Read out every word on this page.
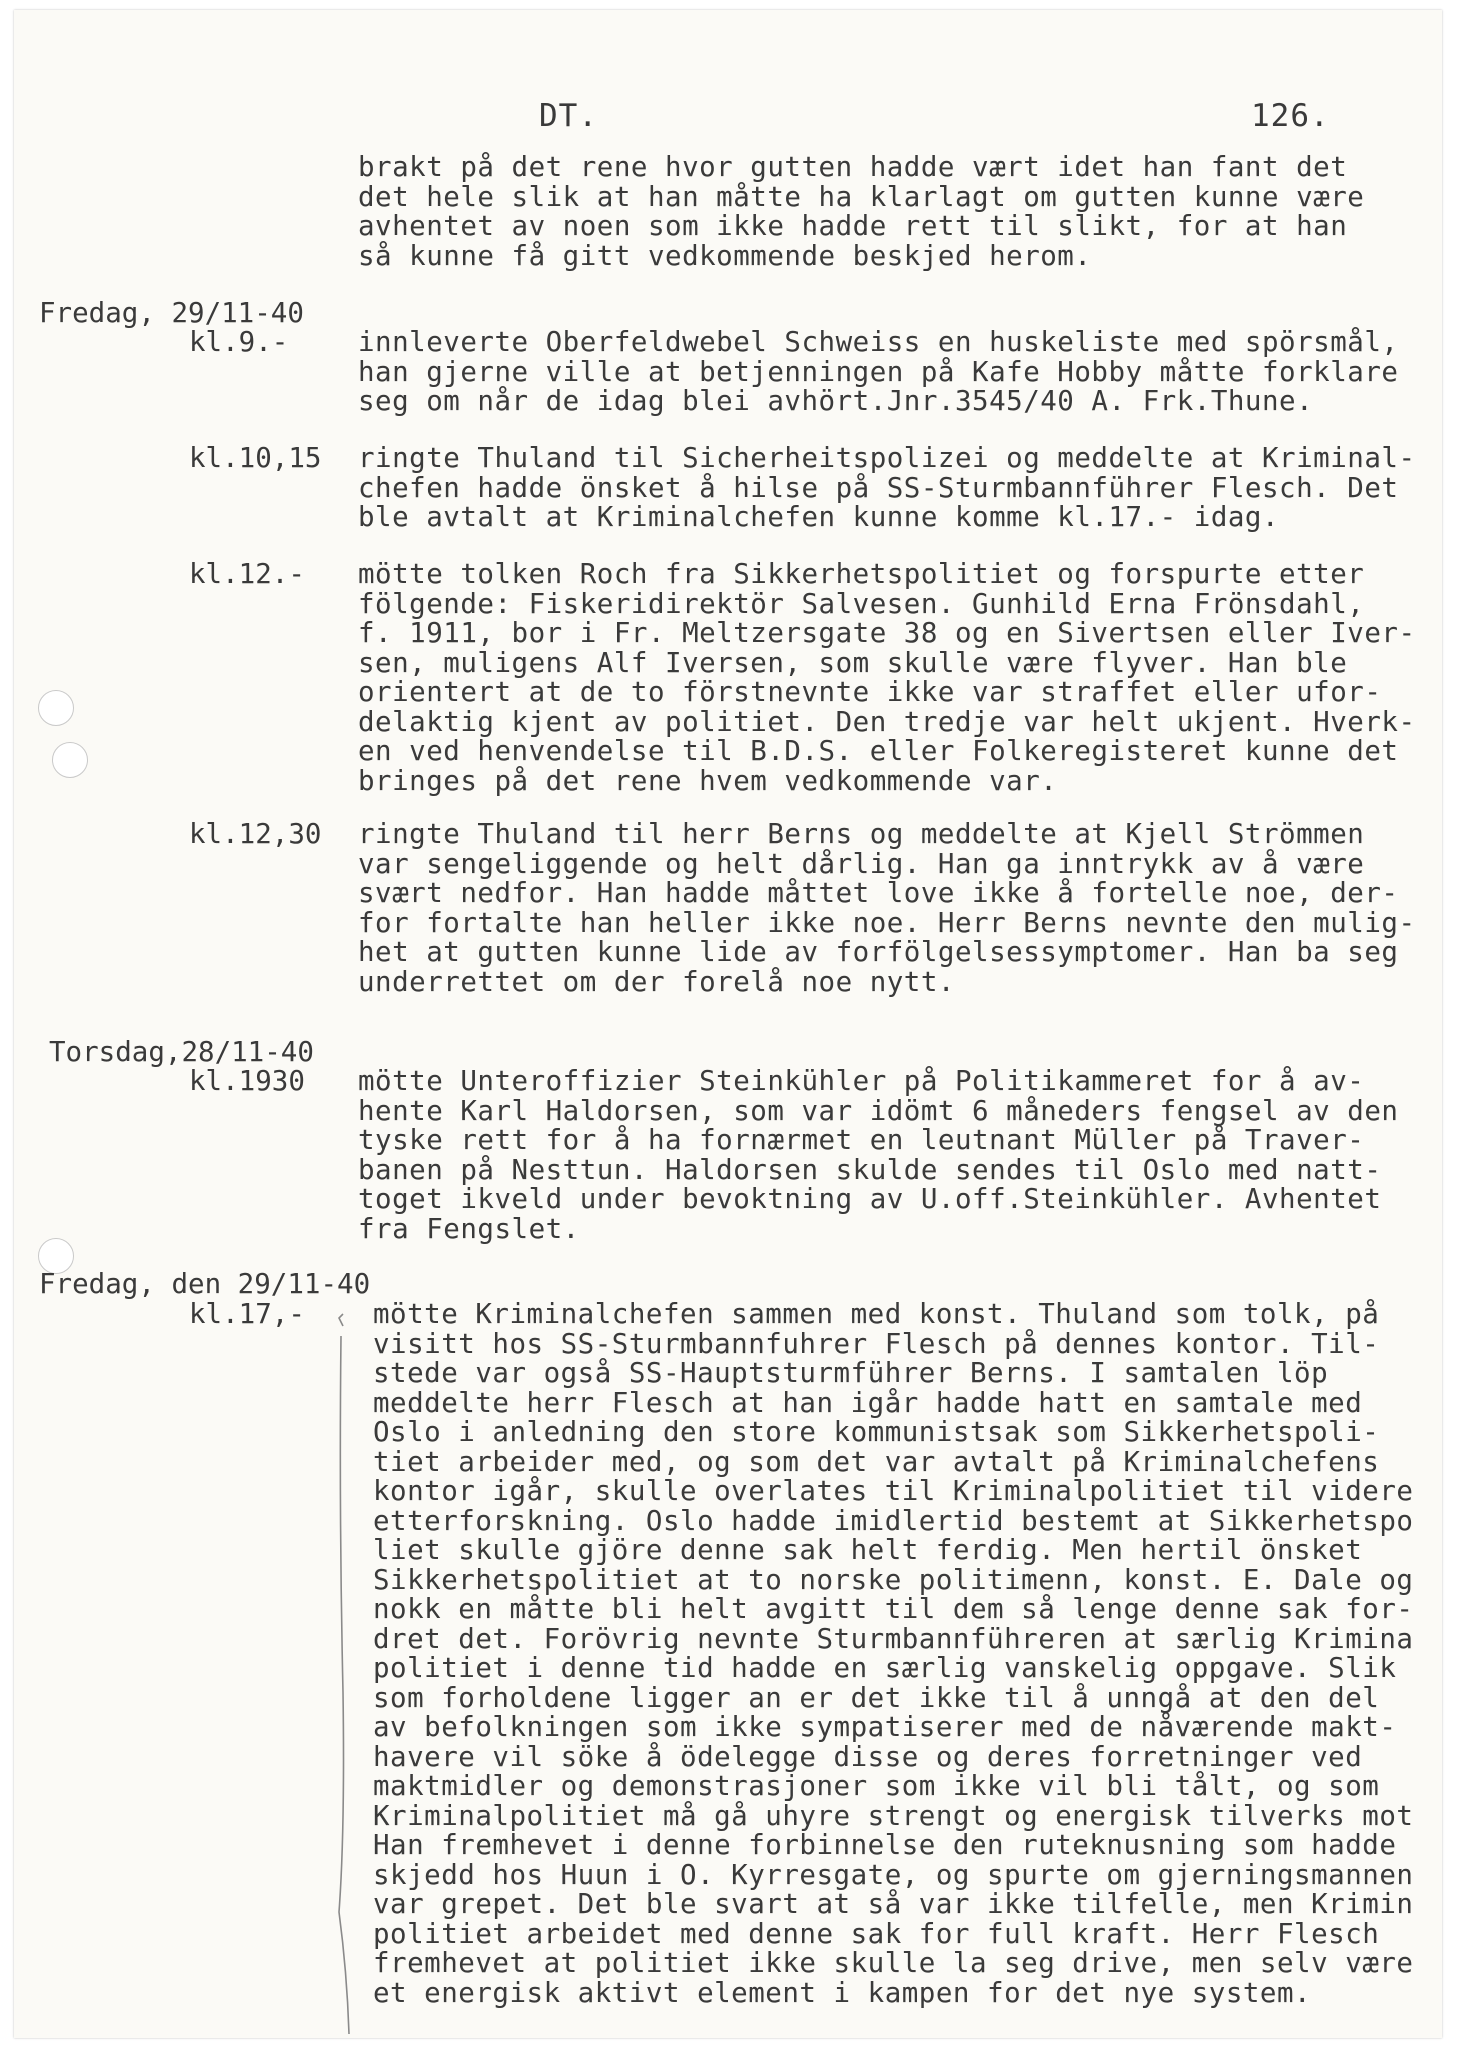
DT.	126.
brakt på det rene hvor gutten hadde vært idet han fant det
det hele slik at han måtte ha klarlagt om gutten kunne være
avhentet av noen som ikke hadde rett til slikt, for at han
så kunne få gitt vedkommende beskjed herom.
Fredag, 29/11-40
kl.9.-	innleverte Oberfeldwebel Schweiss en huskeliste med spörsmål,
han gjerne ville at betjenningen på Kafe Hobby måtte forklare
seg om når de idag blei avhört.Jnr.3545/40 A. Frk.Thune.
kl.10,15 ringte Thuland til Sicherheitspolizei og meddelte at Kriminal-
chefen hadde önsket å hilse på SS-Sturmbannführer Flesch. Det
ble avtalt at Kriminalchefen kunne komme kl.17.- idag.
kl.12.- mötte tolken Roch fra Sikkerhetspolitiet og forspurte etter
fölgende: Fiskeridirektör Salvesen. Gunhild Erna Frönsdahl,
f. 1911, bor i Fr. Meltzersgate 38 og en Sivertsen eller Iver-
sen, muligens Alf Iversen, som skulle være flyver. Han ble
orientert at de to förstnevnte ikke var straffet eller ufor-
delaktig kjent av politiet. Den tredje var helt ukjent. Hverk-
en ved henvendelse til B.D.S. eller Folkeregisteret kunne det
bringes på det rene hvem vedkommende var.
kl.12,30 ringte Thuland til herr Berns og meddelte at Kjell Strömmen
var sengeliggende og helt dårlig. Han ga inntrykk av å være
svært nedfor. Han hadde måttet love ikke å fortelle noe, der-
for fortalte han heller ikke noe. Herr Berns nevnte den mulig-
het at gutten kunne lide av forfölgelsessymptomer. Han ba seg
underrettet om der forelå noe nytt.
Torsdag,28/11-40
kl.1930 mötte Unteroffizier Steinkühler på Politikammeret for å av-
hente Karl Haldorsen, som var idömt 6 måneders fengsel av den
tyske rett for å ha fornærmet en leutnant Müller på Traver-
banen på Nesttun. Haldorsen skulde sendes til Oslo med natt-
toget ikveld under bevoktning av U.off.Steinkühler. Avhentet
fra Fengslet.
Fredag, den 29/11-40
kl.17,- mötte Kriminalchefen sammen med konst. Thuland som tolk, på
visitt hos SS-Sturmbannfuhrer Flesch på dennes kontor. Til-
stede var også SS-Hauptsturmführer Berns. I samtalen löp
meddelte herr Flesch at han igår hadde hatt en samtale med
Oslo i anledning den store kommunistsak som Sikkerhetspoli-
tiet arbeider med, og som det var avtalt på Kriminalchefens
kontor igår, skulle overlates til Kriminalpolitiet til videre
etterforskning. Oslo hadde imidlertid bestemt at Sikkerhetspo
liet skulle gjöre denne sak helt ferdig. Men hertil önsket
Sikkerhetspolitiet at to norske politimenn, konst. E. Dale og
nokk en måtte bli helt avgitt til dem så lenge denne sak for-
dret det. Forövrig nevnte Sturmbannführeren at særlig Krimina
politiet i denne tid hadde en særlig vanskelig oppgave. Slik
som forholdene ligger an er det ikke til å unngå at den del
av befolkningen som ikke sympatiserer med de nåværende makt-
havere vil söke å ödelegge disse og deres forretninger ved
maktmidler og demonstrasjoner som ikke vil bli tålt, og som
Kriminalpolitiet må gå uhyre strengt og energisk tilverks mot
Han fremhevet i denne forbinnelse den ruteknusning som hadde
skjedd hos Huun i O. Kyrresgate, og spurte om gjerningsmannen
var grepet. Det ble svart at så var ikke tilfelle, men Krimin
politiet arbeidet med denne sak for full kraft. Herr Flesch
fremhevet at politiet ikke skulle la seg drive, men selv være
et energisk aktivt element i kampen for det nye system.
